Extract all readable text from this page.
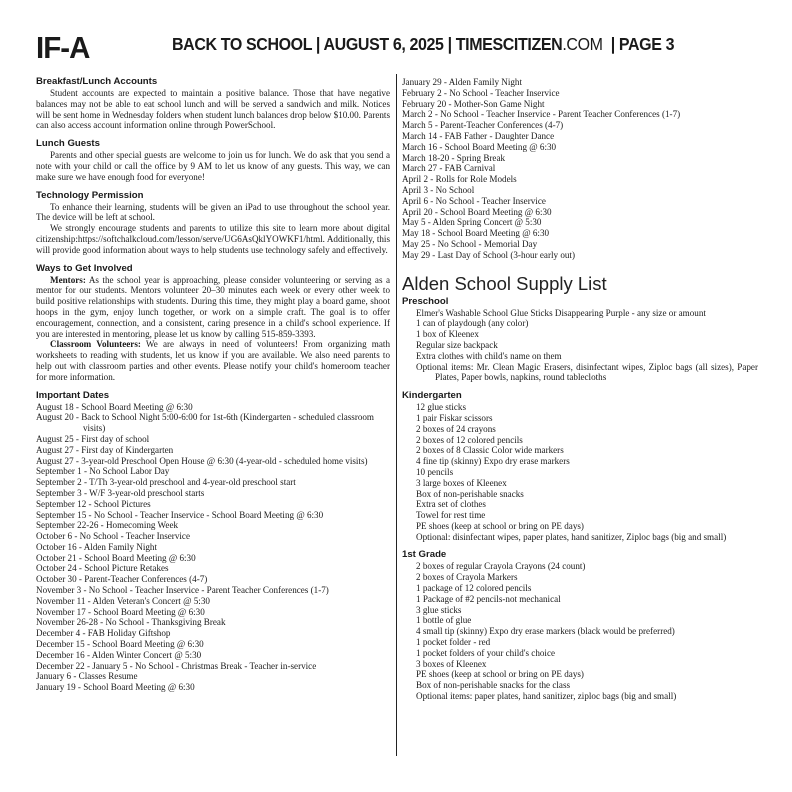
IF-A	BACK TO SCHOOL | AUGUST 6, 2025 | TIMESCITIZEN.COM  | PAGE 3
Breakfast/Lunch Accounts

Student accounts are expected to maintain a positive balance. Those that have negative balances may not be able to eat school lunch and will be served a sandwich and milk. Notices will be sent home in Wednesday folders when student lunch balances drop below $10.00. Parents can also access account information online through PowerSchool.

Lunch Guests

Parents and other special guests are welcome to join us for lunch. We do ask that you send a note with your child or call the office by 9 AM to let us know of any guests. This way, we can make sure we have enough food for everyone!

Technology Permission

To enhance their learning, students will be given an iPad to use throughout the school year. The device will be left at school.

We strongly encourage students and parents to utilize this site to learn more about digital citizenship:https://softchalkcloud.com/lesson/serve/UG6AsQklYOWKF1/html. Additionally, this will provide good information about ways to help students use technology safely and effectively.

Ways to Get Involved

Mentors: As the school year is approaching, please consider volunteering or serving as a mentor for our students. Mentors volunteer 20–30 minutes each week or every other week to build positive relationships with students. During this time, they might play a board game, shoot hoops in the gym, enjoy lunch together, or work on a simple craft. The goal is to offer encouragement, connection, and a consistent, caring presence in a child's school experience. If you are interested in mentoring, please let us know by calling 515-859-3393.

Classroom Volunteers: We are always in need of volunteers! From organizing math worksheets to reading with students, let us know if you are available. We also need parents to help out with classroom parties and other events. Please notify your child's homeroom teacher for more information.

Important Dates
August 18 - School Board Meeting @ 6:30
August 20 - Back to School Night 5:00-6:00 for 1st-6th (Kindergarten - scheduled classroom visits)
August 25 - First day of school
August 27 - First day of Kindergarten
August 27 - 3-year-old Preschool Open House @ 6:30 (4-year-old - scheduled home visits)
September 1 - No School Labor Day
September 2 - T/Th 3-year-old preschool and 4-year-old preschool start
September 3 - W/F 3-year-old preschool starts
September 12 - School Pictures
September 15 - No School - Teacher Inservice - School Board Meeting @ 6:30
September 22-26 - Homecoming Week
October 6 - No School - Teacher Inservice
October 16 - Alden Family Night
October 21 - School Board Meeting @ 6:30
October 24 - School Picture Retakes
October 30 - Parent-Teacher Conferences (4-7)
November 3 - No School - Teacher Inservice - Parent Teacher Conferences (1-7)
November 11 - Alden Veteran's Concert @ 5:30
November 17 - School Board Meeting @ 6:30
November 26-28 - No School - Thanksgiving Break
December 4 - FAB Holiday Giftshop
December 15 - School Board Meeting @ 6:30
December 16 - Alden Winter Concert @ 5:30
December 22 - January 5 - No School - Christmas Break - Teacher in-service
January 6 - Classes Resume
January 19 - School Board Meeting @ 6:30
January 29 - Alden Family Night
February 2 - No School - Teacher Inservice
February 20 - Mother-Son Game Night
March 2 - No School - Teacher Inservice - Parent Teacher Conferences (1-7)
March 5 - Parent-Teacher Conferences (4-7)
March 14 - FAB Father - Daughter Dance
March 16 - School Board Meeting @ 6:30
March 18-20 - Spring Break
March 27 - FAB Carnival
April 2 - Rolls for Role Models
April 3 - No School
April 6 - No School - Teacher Inservice
April 20 - School Board Meeting @ 6:30
May 5 - Alden Spring Concert @ 5:30
May 18 - School Board Meeting @ 6:30
May 25 - No School - Memorial Day
May 29 - Last Day of School (3-hour early out)
Alden School Supply List
Preschool
Elmer's Washable School Glue Sticks Disappearing Purple - any size or amount
1 can of playdough (any color)
1 box of Kleenex
Regular size backpack
Extra clothes with child's name on them
Optional items: Mr. Clean Magic Erasers, disinfectant wipes, Ziploc bags (all sizes), Paper Plates, Paper bowls, napkins, round tablecloths
Kindergarten
12 glue sticks
1 pair Fiskar scissors
2 boxes of 24 crayons
2 boxes of 12 colored pencils
2 boxes of 8 Classic Color wide markers
4 fine tip (skinny) Expo dry erase markers
10 pencils
3 large boxes of Kleenex
Box of non-perishable snacks
Extra set of clothes
Towel for rest time
PE shoes (keep at school or bring on PE days)
Optional: disinfectant wipes, paper plates, hand sanitizer, Ziploc bags (big and small)
1st Grade
2 boxes of regular Crayola Crayons (24 count)
2 boxes of Crayola Markers
1 package of 12 colored pencils
1 Package of #2 pencils-not mechanical
3 glue sticks
1 bottle of glue
4 small tip (skinny) Expo dry erase markers (black would be preferred)
1 pocket folder - red
1 pocket folders of your child's choice
3 boxes of Kleenex
PE shoes (keep at school or bring on PE days)
Box of non-perishable snacks for the class
Optional items: paper plates, hand sanitizer, ziploc bags (big and small)
